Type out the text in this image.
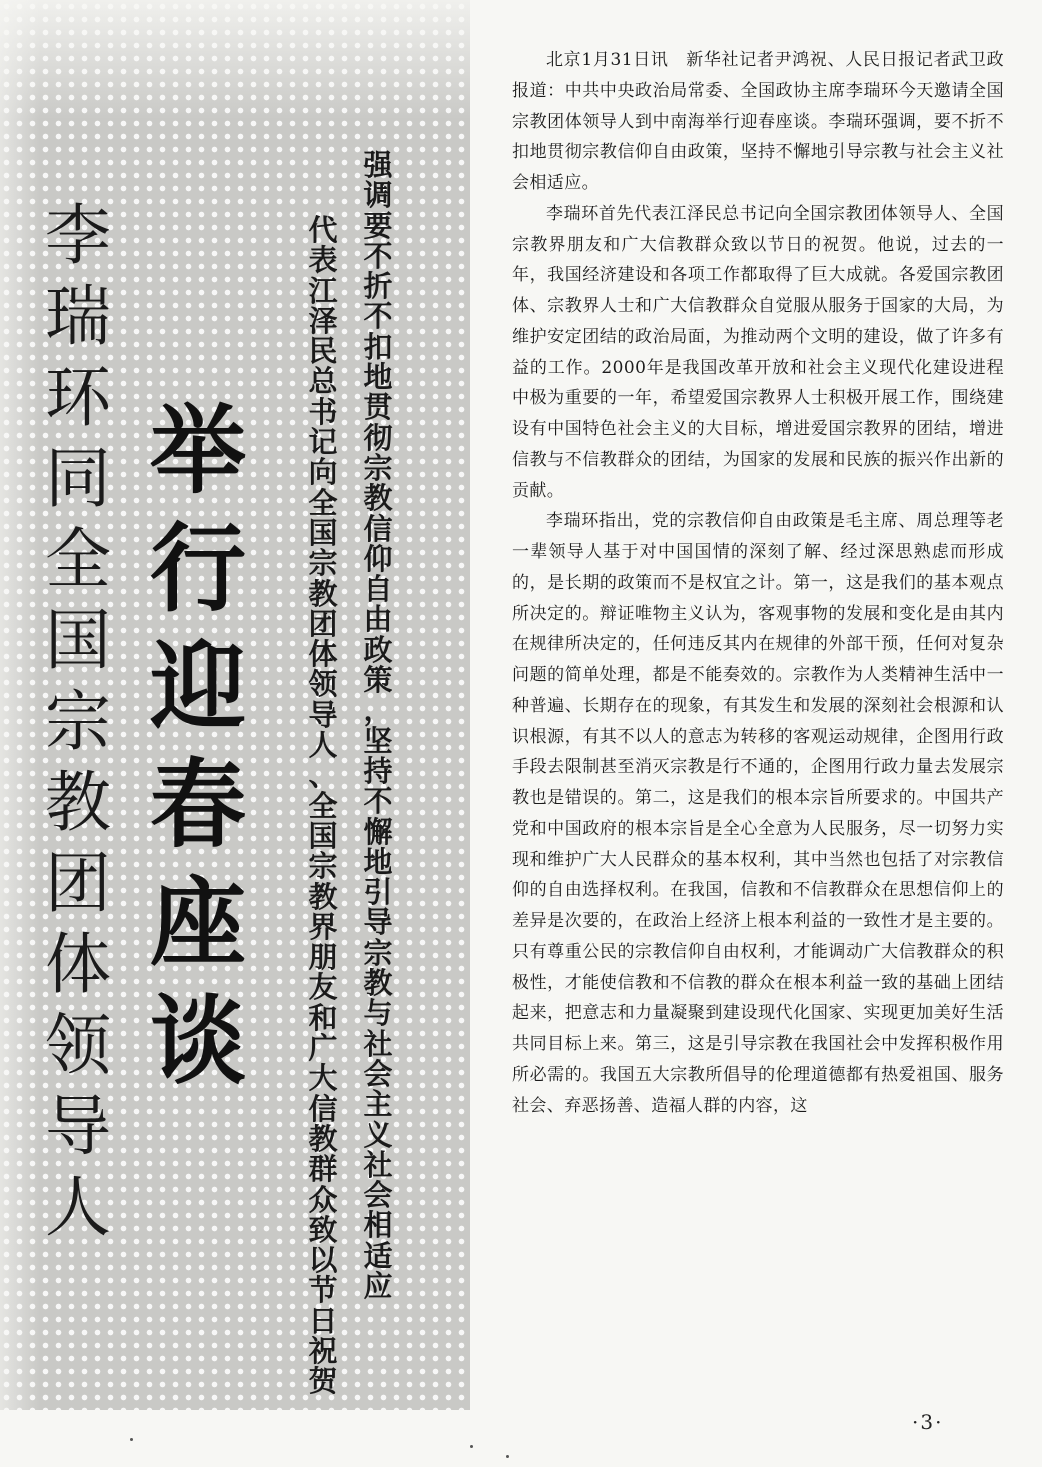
李
瑞
环
同
全
国
宗
教
团
体
领
导
人
举
行
迎
春
座
谈
强
调
要
不
折
不
扣
地
贯
彻
宗
教
信
仰
自
由
政
策
，
坚
持
不
懈
地
引
导
宗
教
与
社
会
主
义
社
会
相
适
应
代
表
江
泽
民
总
书
记
向
全
国
宗
教
团
体
领
导
人
、
全
国
宗
教
界
朋
友
和
广
大
信
教
群
众
致
以
节
日
祝
贺

北京1月31日讯　新华社记者尹鸿祝、人民日报记者武卫政报道：中共中央政治局常委、全国政协主席李瑞环今天邀请全国宗教团体领导人到中南海举行迎春座谈。李瑞环强调，要不折不扣地贯彻宗教信仰自由政策，坚持不懈地引导宗教与社会主义社会相适应。

李瑞环首先代表江泽民总书记向全国宗教团体领导人、全国宗教界朋友和广大信教群众致以节日的祝贺。他说，过去的一年，我国经济建设和各项工作都取得了巨大成就。各爱国宗教团体、宗教界人士和广大信教群众自觉服从服务于国家的大局，为维护安定团结的政治局面，为推动两个文明的建设，做了许多有益的工作。2000年是我国改革开放和社会主义现代化建设进程中极为重要的一年，希望爱国宗教界人士积极开展工作，围绕建设有中国特色社会主义的大目标，增进爱国宗教界的团结，增进信教与不信教群众的团结，为国家的发展和民族的振兴作出新的贡献。

李瑞环指出，党的宗教信仰自由政策是毛主席、周总理等老一辈领导人基于对中国国情的深刻了解、经过深思熟虑而形成的，是长期的政策而不是权宜之计。第一，这是我们的基本观点所决定的。辩证唯物主义认为，客观事物的发展和变化是由其内在规律所决定的，任何违反其内在规律的外部干预，任何对复杂问题的简单处理，都是不能奏效的。宗教作为人类精神生活中一种普遍、长期存在的现象，有其发生和发展的深刻社会根源和认识根源，有其不以人的意志为转移的客观运动规律，企图用行政手段去限制甚至消灭宗教是行不通的，企图用行政力量去发展宗教也是错误的。第二，这是我们的根本宗旨所要求的。中国共产党和中国政府的根本宗旨是全心全意为人民服务，尽一切努力实现和维护广大人民群众的基本权利，其中当然也包括了对宗教信仰的自由选择权利。在我国，信教和不信教群众在思想信仰上的差异是次要的，在政治上经济上根本利益的一致性才是主要的。只有尊重公民的宗教信仰自由权利，才能调动广大信教群众的积极性，才能使信教和不信教的群众在根本利益一致的基础上团结起来，把意志和力量凝聚到建设现代化国家、实现更加美好生活共同目标上来。第三，这是引导宗教在我国社会中发挥积极作用所必需的。我国五大宗教所倡导的伦理道德都有热爱祖国、服务社会、弃恶扬善、造福人群的内容，这

·3·
